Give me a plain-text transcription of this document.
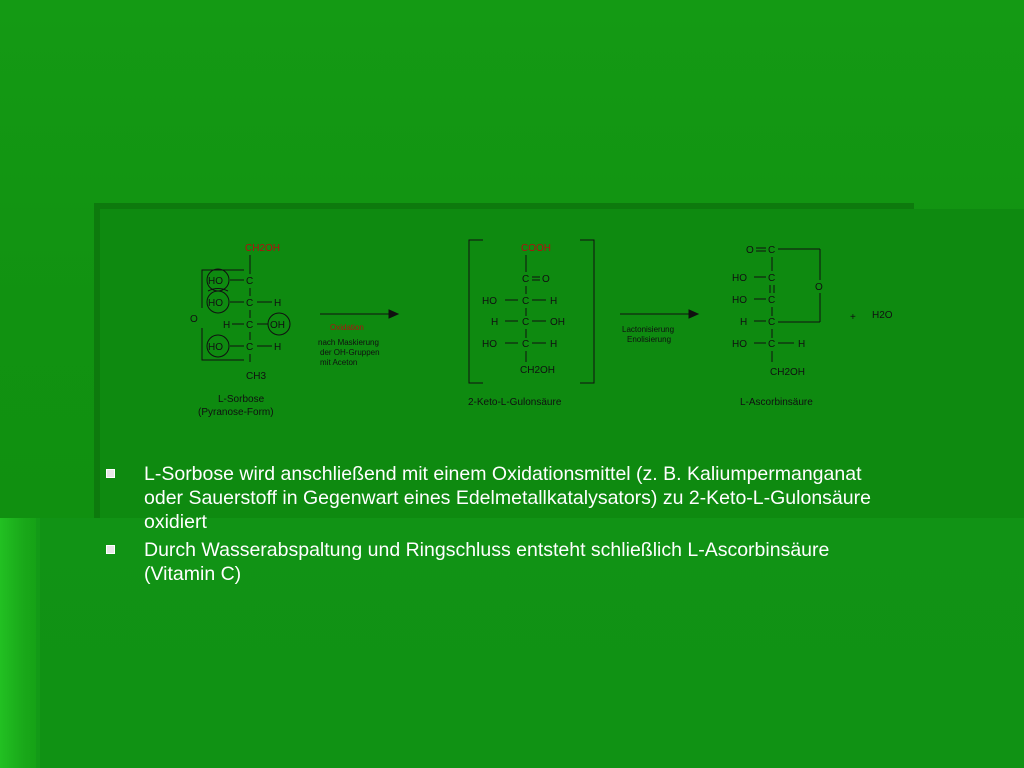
CH2OH
C
C
C
C
CH3
HO
HO	H
H	OH
HO	H
O
L-Sorbose
(Pyranose-Form)
Oxidation
nach Maskierung
der OH-Gruppen
mit Aceton
COOH
C O
C
HO	H
C
H	OH
C
HO	H
CH2OH
2-Keto-L-Gulonsäure
Lactonisierung
Enolisierung
O C
O
C
HO
C
HO
C
H
C
HO	H
CH2OH
L-Ascorbinsäure
+ H2O
L-Sorbose wird anschließend mit einem Oxidationsmittel (z. B. Kaliumpermanganat oder Sauerstoff in Gegenwart eines Edelmetallkatalysators) zu 2-Keto-L-Gulonsäure oxidiert
Durch Wasserabspaltung und Ringschluss entsteht schließlich L-Ascorbinsäure (Vitamin C)
